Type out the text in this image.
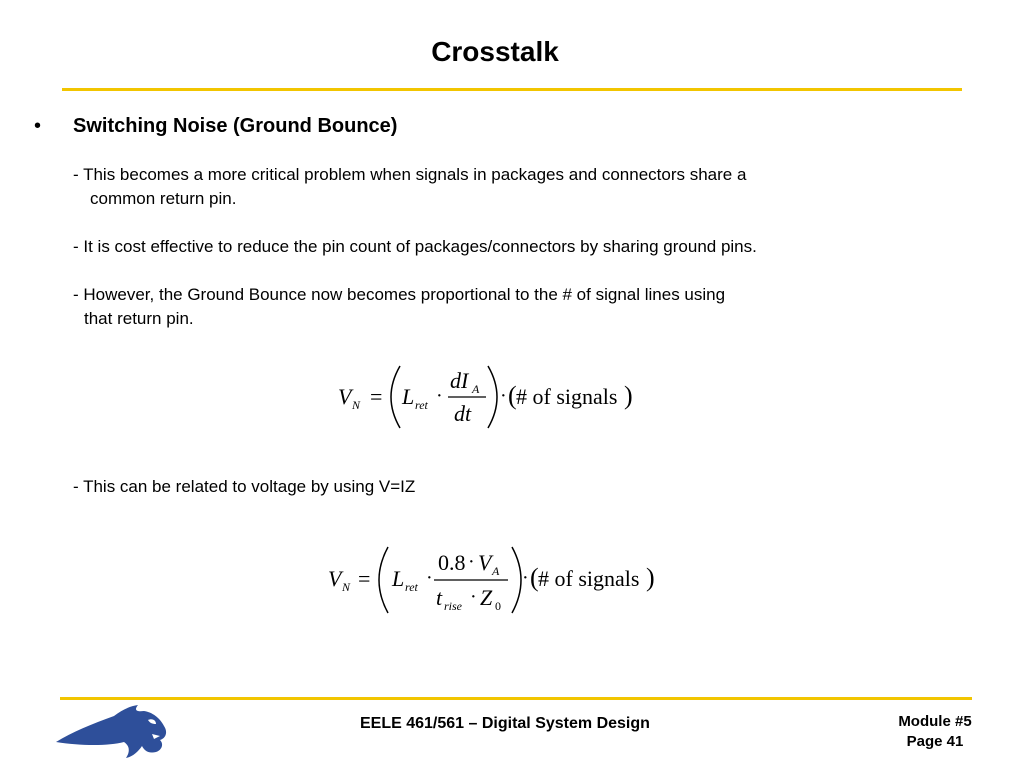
Crosstalk
• Switching Noise (Ground Bounce)
- This becomes a more critical problem when signals in packages and connectors share a
common return pin.
- It is cost effective to reduce the pin count of packages/connectors by sharing ground pins.
- However, the Ground Bounce now becomes proportional to the # of signal lines using
that return pin.
V N = L ret ·
dI A
dt
· ( # of signals )
- This can be related to voltage by using V=IZ
V N = L ret ·
0.8 · V A
t rise · Z 0
· ( # of signals )
EELE 461/561 – Digital System Design	Module #5
Page 41
